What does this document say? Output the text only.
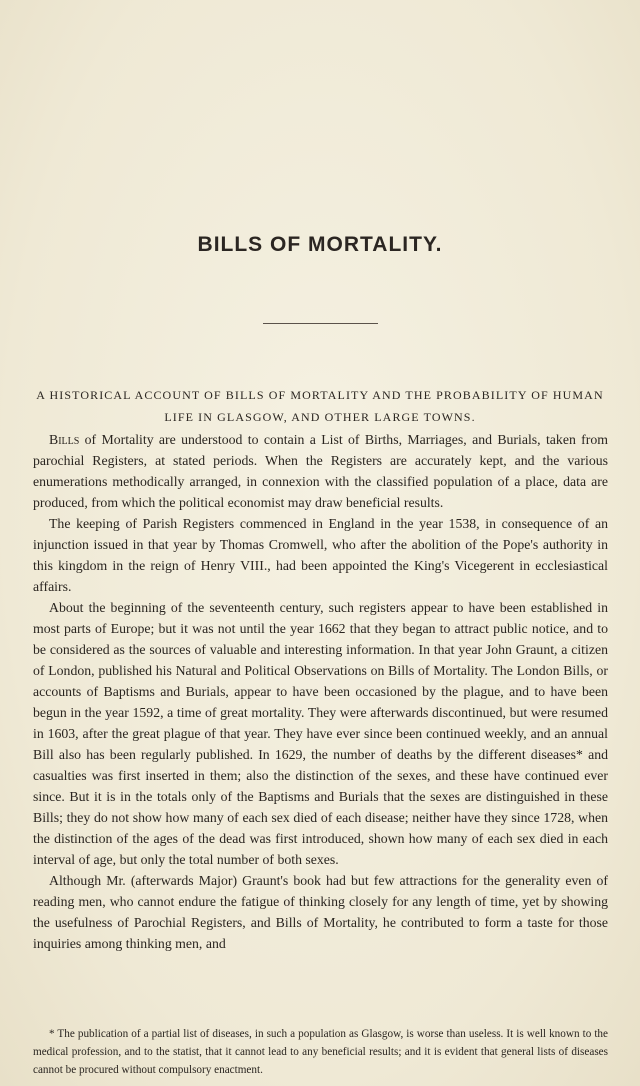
BILLS OF MORTALITY.
A HISTORICAL ACCOUNT OF BILLS OF MORTALITY AND THE PROBABILITY OF HUMAN LIFE IN GLASGOW, AND OTHER LARGE TOWNS.

Bills of Mortality are understood to contain a List of Births, Marriages, and Burials, taken from parochial Registers, at stated periods. When the Registers are accurately kept, and the various enumerations methodically arranged, in connexion with the classified population of a place, data are produced, from which the political economist may draw beneficial results.

The keeping of Parish Registers commenced in England in the year 1538, in consequence of an injunction issued in that year by Thomas Cromwell, who after the abolition of the Pope's authority in this kingdom in the reign of Henry VIII., had been appointed the King's Vicegerent in ecclesiastical affairs.

About the beginning of the seventeenth century, such registers appear to have been established in most parts of Europe; but it was not until the year 1662 that they began to attract public notice, and to be considered as the sources of valuable and interesting information. In that year John Graunt, a citizen of London, published his Natural and Political Observations on Bills of Mortality. The London Bills, or accounts of Baptisms and Burials, appear to have been occasioned by the plague, and to have been begun in the year 1592, a time of great mortality. They were afterwards discontinued, but were resumed in 1603, after the great plague of that year. They have ever since been continued weekly, and an annual Bill also has been regularly published. In 1629, the number of deaths by the different diseases* and casualties was first inserted in them; also the distinction of the sexes, and these have continued ever since. But it is in the totals only of the Baptisms and Burials that the sexes are distinguished in these Bills; they do not show how many of each sex died of each disease; neither have they since 1728, when the distinction of the ages of the dead was first introduced, shown how many of each sex died in each interval of age, but only the total number of both sexes.

Although Mr. (afterwards Major) Graunt's book had but few attractions for the generality even of reading men, who cannot endure the fatigue of thinking closely for any length of time, yet by showing the usefulness of Parochial Registers, and Bills of Mortality, he contributed to form a taste for those inquiries among thinking men, and

* The publication of a partial list of diseases, in such a population as Glasgow, is worse than useless. It is well known to the medical profession, and to the statist, that it cannot lead to any beneficial results; and it is evident that general lists of diseases cannot be procured without compulsory enactment.
